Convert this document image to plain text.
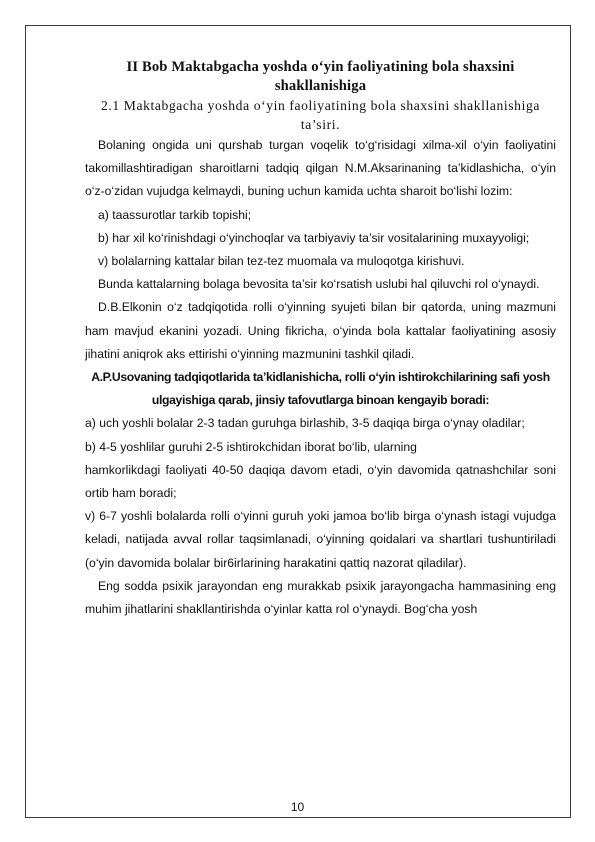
II Bob Maktabgacha yoshda o‘yin faoliyatining bola shaxsini shakllanishiga

2.1 Maktabgacha yoshda o‘yin faoliyatining bola shaxsini shakllanishiga ta’siri.

Bolaning ongida uni qurshab turgan voqelik to‘g‘risidagi xilma-xil o‘yin faoliyatini takomillashtiradigan sharoitlarni tadqiq qilgan N.M.Aksarinaning ta’kidlashicha, o‘yin o‘z-o‘zidan vujudga kelmaydi, buning uchun kamida uchta sharoit bo‘lishi lozim:

a) taassurotlar tarkib topishi;

b) har xil ko‘rinishdagi o‘yinchoqlar va tarbiyaviy ta’sir vositalarining muxayyoligi;

v) bolalarning kattalar bilan tez-tez muomala va muloqotga kirishuvi.

Bunda kattalarning bolaga bevosita ta’sir ko‘rsatish uslubi hal qiluvchi rol o‘ynaydi.

D.B.Elkonin o‘z tadqiqotida rolli o‘yinning syujeti bilan bir qatorda, uning mazmuni ham mavjud ekanini yozadi. Uning fikricha, o‘yinda bola kattalar faoliyatining asosiy jihatini aniqrok aks ettirishi o‘yinning mazmunini tashkil qiladi.

A.P.Usovaning tadqiqotlarida ta’kidlanishicha, rolli o‘yin ishtirokchilarining safi yosh ulgayishiga qarab, jinsiy tafovutlarga binoan kengayib boradi:

a) uch yoshli bolalar 2-3 tadan guruhga birlashib, 3-5 daqiqa birga o‘ynay oladilar;

b) 4-5 yoshlilar guruhi 2-5 ishtirokchidan iborat bo‘lib, ularning

hamkorlikdagi faoliyati 40-50 daqiqa davom etadi, o‘yin davomida qatnashchilar soni ortib ham boradi;

v) 6-7 yoshli bolalarda rolli o‘yinni guruh yoki jamoa bo‘lib birga o‘ynash istagi vujudga keladi, natijada avval rollar taqsimlanadi, o‘yinning qoidalari va shartlari tushuntiriladi (o‘yin davomida bolalar bir6irlarining harakatini qattiq nazorat qiladilar).

Eng sodda psixik jarayondan eng murakkab psixik jarayongacha hammasining eng muhim jihatlarini shakllantirishda o‘yinlar katta rol o‘ynaydi. Bog‘cha yosh

10
